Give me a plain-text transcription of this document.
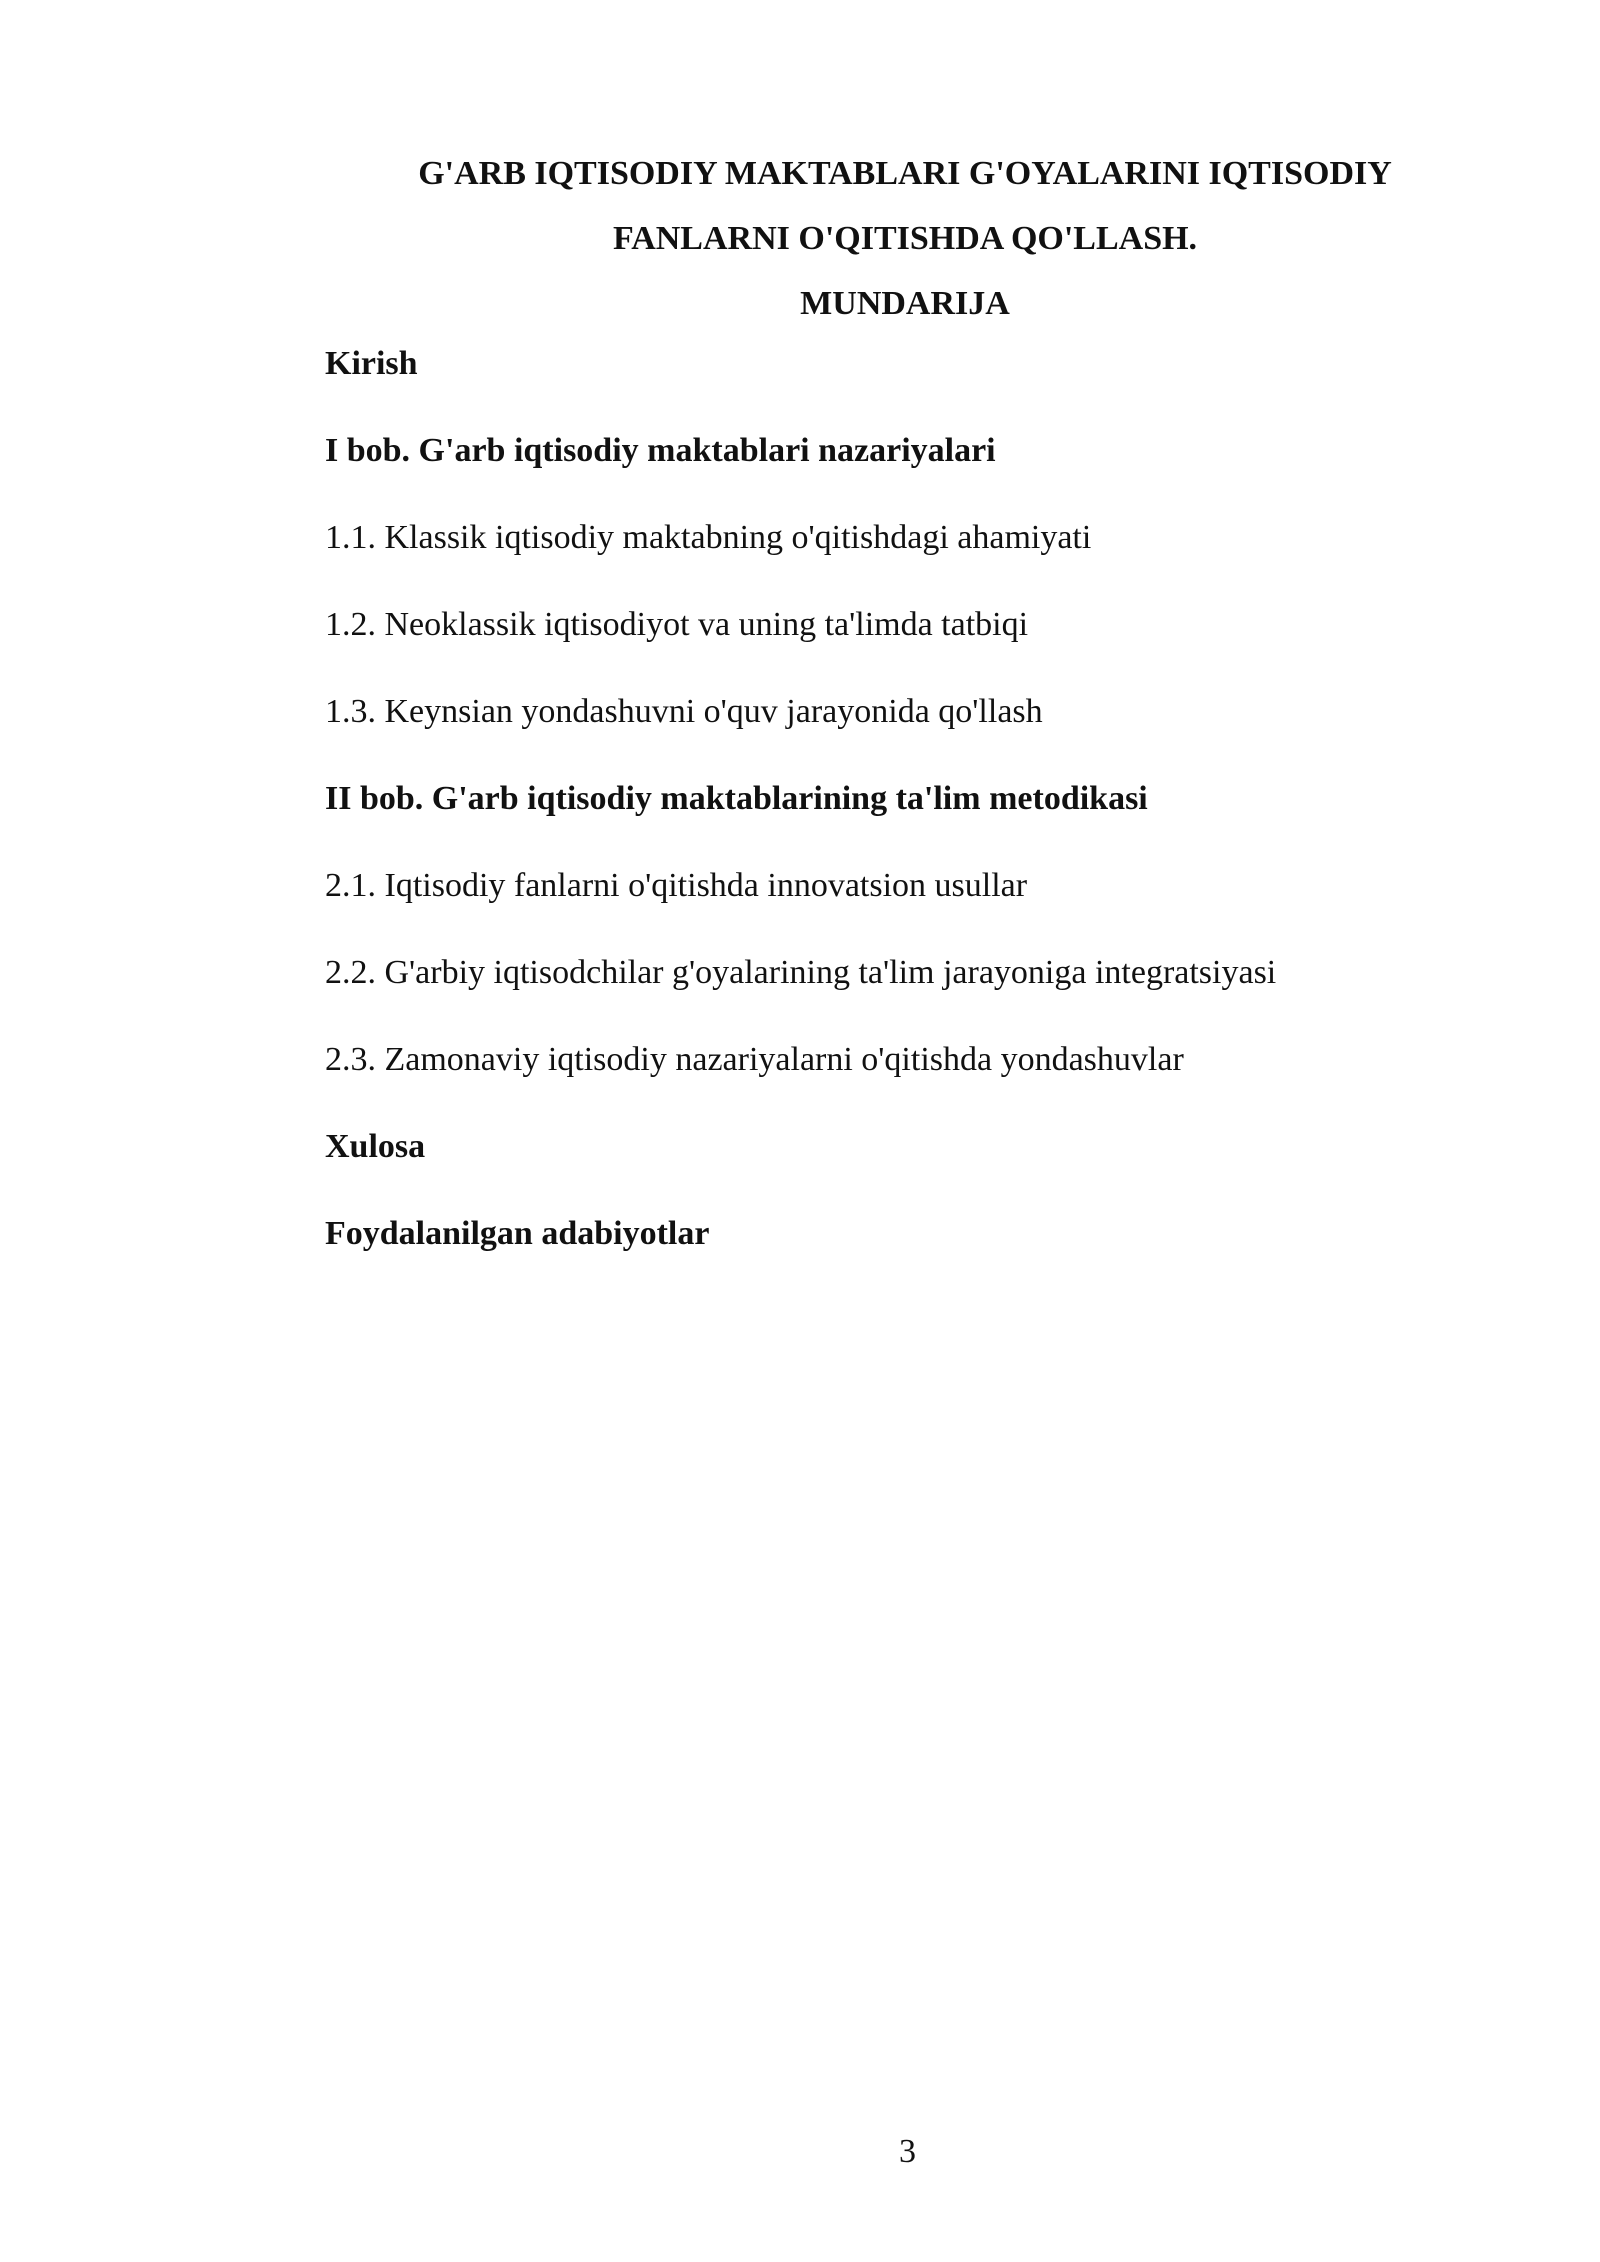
G'ARB IQTISODIY MAKTABLARI G'OYALARINI IQTISODIY
FANLARNI O'QITISHDA QO'LLASH.
MUNDARIJA
Kirish
I bob. G'arb iqtisodiy maktablari nazariyalari
1.1. Klassik iqtisodiy maktabning o'qitishdagi ahamiyati
1.2. Neoklassik iqtisodiyot va uning ta'limda tatbiqi
1.3. Keynsian yondashuvni o'quv jarayonida qo'llash
II bob. G'arb iqtisodiy maktablarining ta'lim metodikasi
2.1. Iqtisodiy fanlarni o'qitishda innovatsion usullar
2.2. G'arbiy iqtisodchilar g'oyalarining ta'lim jarayoniga integratsiyasi
2.3. Zamonaviy iqtisodiy nazariyalarni o'qitishda yondashuvlar
Xulosa
Foydalanilgan adabiyotlar
3
